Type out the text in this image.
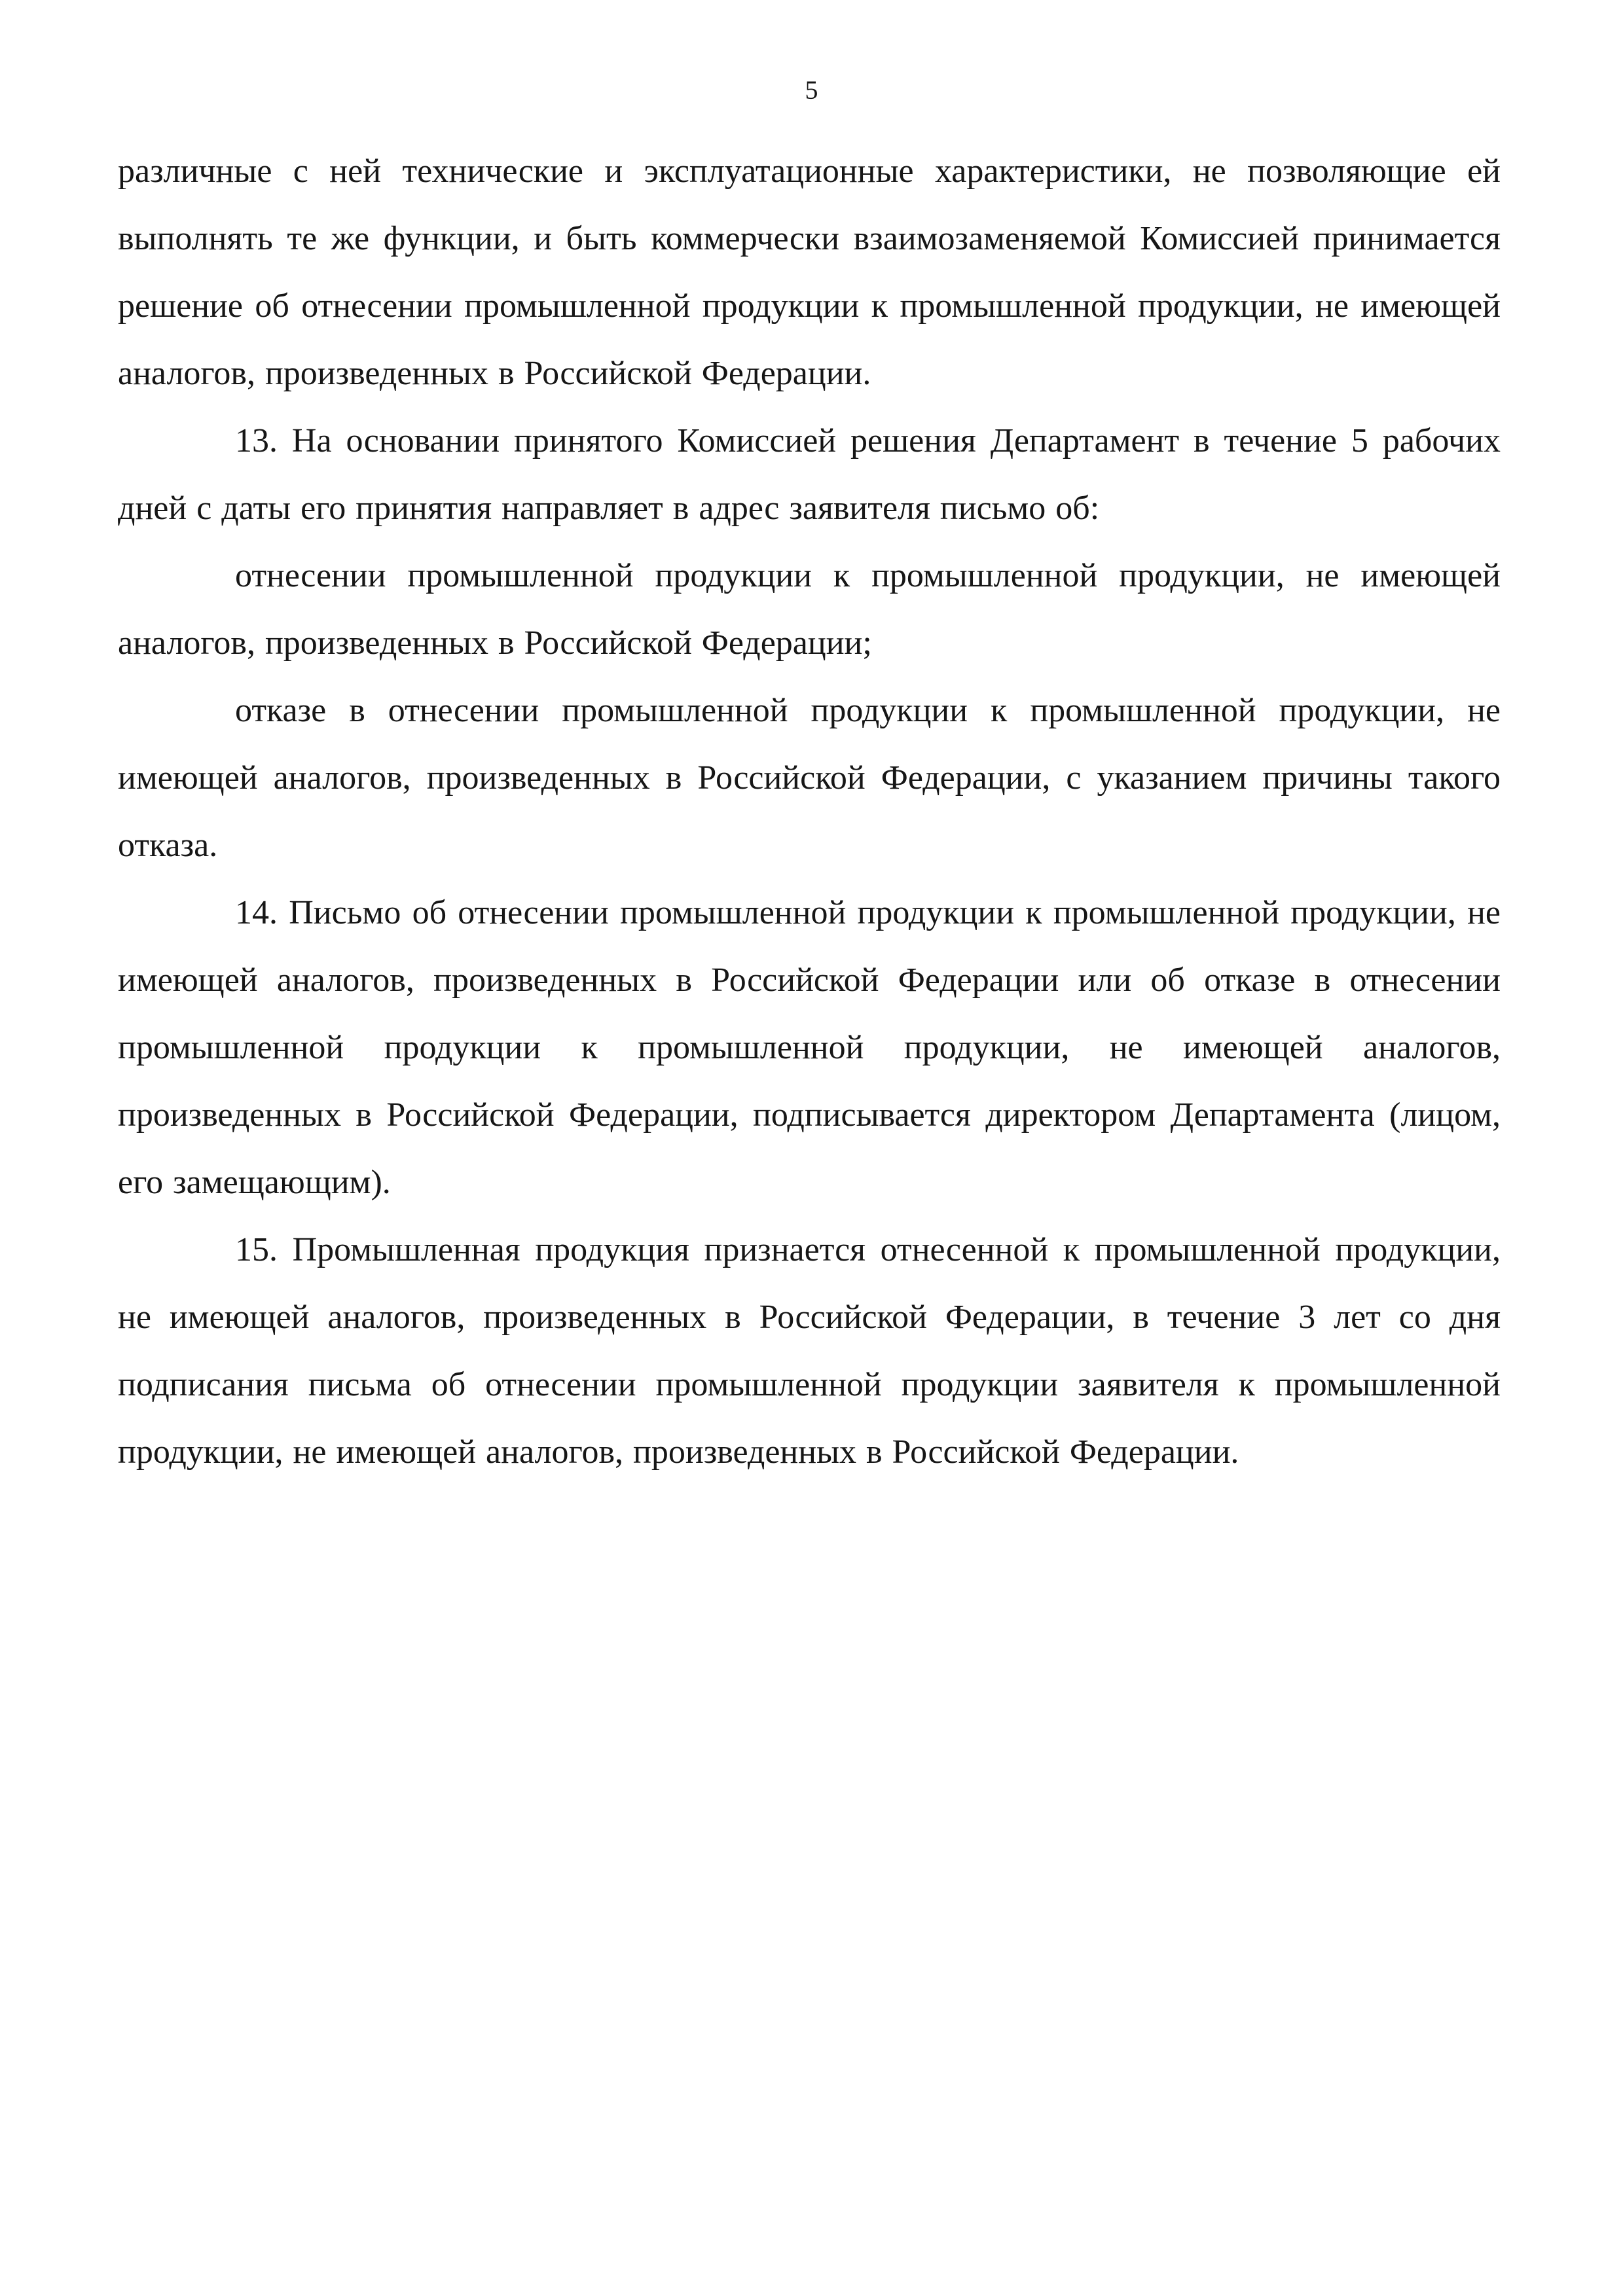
5

различные с ней технические и эксплуатационные характеристики, не позволяющие ей выполнять те же функции, и быть коммерчески взаимозаменяемой Комиссией принимается решение об отнесении промышленной продукции к промышленной продукции, не имеющей аналогов, произведенных в Российской Федерации.

13. На основании принятого Комиссией решения Департамент в течение 5 рабочих дней с даты его принятия направляет в адрес заявителя письмо об:

отнесении промышленной продукции к промышленной продукции, не имеющей аналогов, произведенных в Российской Федерации;

отказе в отнесении промышленной продукции к промышленной продукции, не имеющей аналогов, произведенных в Российской Федерации, с указанием причины такого отказа.

14. Письмо об отнесении промышленной продукции к промышленной продукции, не имеющей аналогов, произведенных в Российской Федерации или об отказе в отнесении промышленной продукции к промышленной продукции, не имеющей аналогов, произведенных в Российской Федерации, подписывается директором Департамента (лицом, его замещающим).

15. Промышленная продукция признается отнесенной к промышленной продукции, не имеющей аналогов, произведенных в Российской Федерации, в течение 3 лет со дня подписания письма об отнесении промышленной продукции заявителя к промышленной продукции, не имеющей аналогов, произведенных в Российской Федерации.
